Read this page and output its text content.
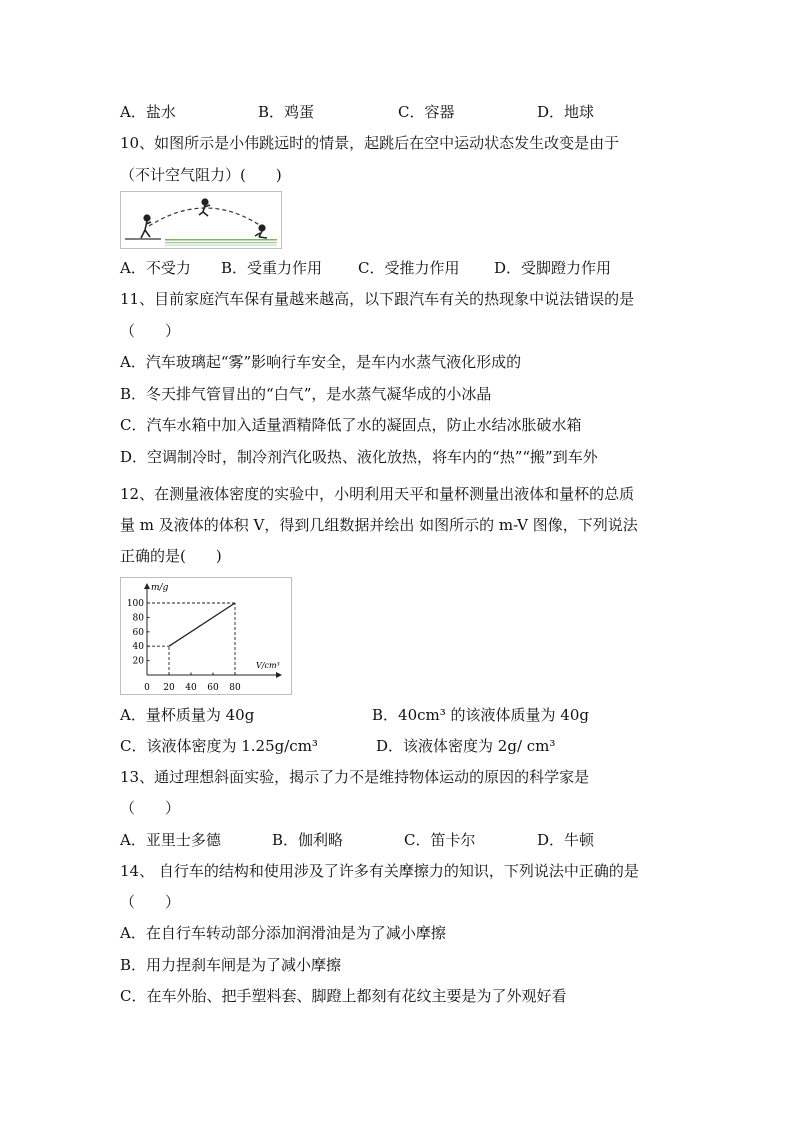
A．盐水	B．鸡蛋	C．容器	D．地球
10、如图所示是小伟跳远时的情景，起跳后在空中运动状态发生改变是由于
（不计空气阻力）(　　)
A．不受力 B．受重力作用 C．受推力作用 D．受脚蹬力作用
11、目前家庭汽车保有量越来越高，以下跟汽车有关的热现象中说法错误的是
（　　）
A．汽车玻璃起“雾”影响行车安全，是车内水蒸气液化形成的
B．冬天排气管冒出的“白气”，是水蒸气凝华成的小冰晶
C．汽车水箱中加入适量酒精降低了水的凝固点，防止水结冰胀破水箱
D．空调制冷时，制冷剂汽化吸热、液化放热，将车内的“热”“搬”到车外
12、在测量液体密度的实验中，小明利用天平和量杯测量出液体和量杯的总质
量 m 及液体的体积 V，得到几组数据并绘出 如图所示的 m-V 图像，下列说法
正确的是(　　)
m/g
V/cm³
0 20 40 60 80
20
40
60
80
100
A．量杯质量为 40g	B．40cm³ 的该液体质量为 40g
C．该液体密度为 1.25g/cm³	D．该液体密度为 2g/ cm³
13、通过理想斜面实验，揭示了力不是维持物体运动的原因的科学家是
（　　）
A．亚里士多德	B．伽利略	C．笛卡尔	D．牛顿
14、 自行车的结构和使用涉及了许多有关摩擦力的知识，下列说法中正确的是
（　　）
A．在自行车转动部分添加润滑油是为了减小摩擦
B．用力捏刹车闸是为了减小摩擦
C．在车外胎、把手塑料套、脚蹬上都刻有花纹主要是为了外观好看
